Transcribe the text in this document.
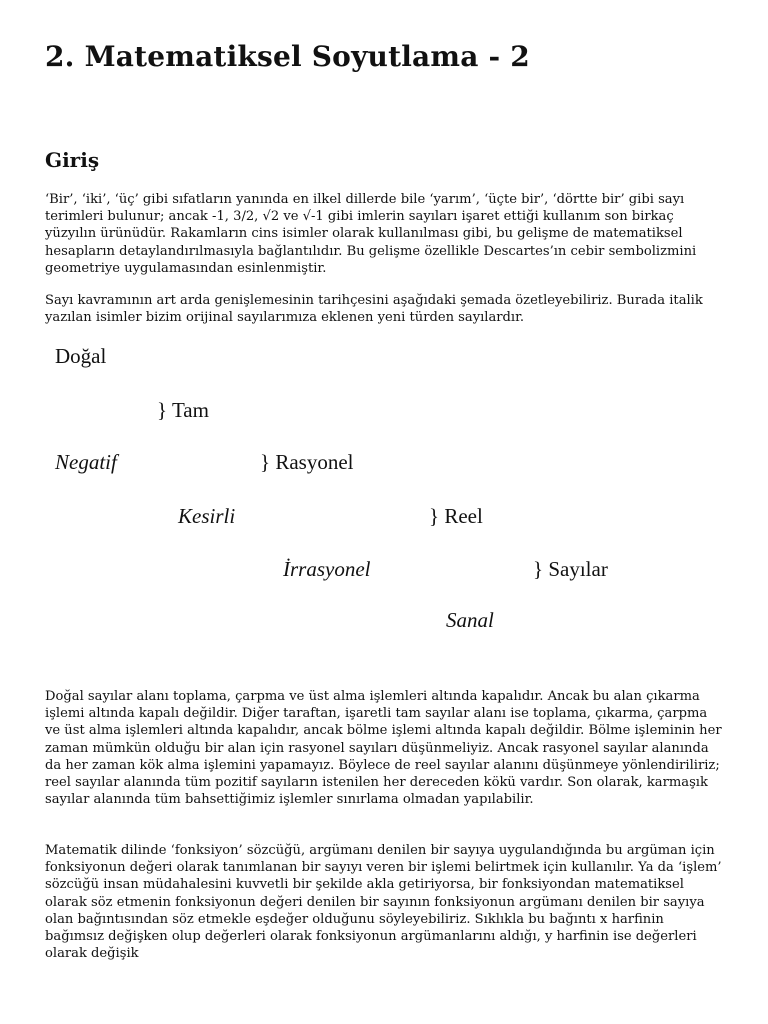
2. Matematiksel Soyutlama - 2
Giriş

‘Bir’, ‘iki’, ‘üç’ gibi sıfatların yanında en ilkel dillerde bile ‘yarım’, ‘üçte bir’, ‘dörtte bir’ gibi sayı terimleri bulunur; ancak -1, 3/2, √2 ve √-1 gibi imlerin sayıları işaret ettiği kullanım son birkaç yüzyılın ürünüdür. Rakamların cins isimler olarak kullanılması gibi, bu gelişme de matematiksel hesapların detaylandırılmasıyla bağlantılıdır. Bu gelişme özellikle Descartes’ın cebir sembolizmini geometriye uygulamasından esinlenmiştir.

Sayı kavramının art arda genişlemesinin tarihçesini aşağıdaki şemada özetleyebiliriz. Burada italik yazılan isimler bizim orijinal sayılarımıza eklenen yeni türden sayılardır.

Doğal
} Tam
Negatif	} Rasyonel
Kesirli	} Reel
İrrasyonel	} Sayılar
Sanal

Doğal sayılar alanı toplama, çarpma ve üst alma işlemleri altında kapalıdır. Ancak bu alan çıkarma işlemi altında kapalı değildir. Diğer taraftan, işaretli tam sayılar alanı ise toplama, çıkarma, çarpma ve üst alma işlemleri altında kapalıdır, ancak bölme işlemi altında kapalı değildir. Bölme işleminin her zaman mümkün olduğu bir alan için rasyonel sayıları düşünmeliyiz. Ancak rasyonel sayılar alanında da her zaman kök alma işlemini yapamayız. Böylece de reel sayılar alanını düşünmeye yönlendiriliriz; reel sayılar alanında tüm pozitif sayıların istenilen her dereceden kökü vardır. Son olarak, karmaşık sayılar alanında tüm bahsettiğimiz işlemler sınırlama olmadan yapılabilir.

Matematik dilinde ‘fonksiyon’ sözcüğü, argümanı denilen bir sayıya uygulandığında bu argüman için fonksiyonun değeri olarak tanımlanan bir sayıyı veren bir işlemi belirtmek için kullanılır. Ya da ‘işlem’ sözcüğü insan müdahalesini kuvvetli bir şekilde akla getiriyorsa, bir fonksiyondan matematiksel olarak söz etmenin fonksiyonun değeri denilen bir sayının fonksiyonun argümanı denilen bir sayıya olan bağıntısından söz etmekle eşdeğer olduğunu söyleyebiliriz. Sıklıkla bu bağıntı x harfinin bağımsız değişken olup değerleri olarak fonksiyonun argümanlarını aldığı, y harfinin ise değerleri olarak değişik
